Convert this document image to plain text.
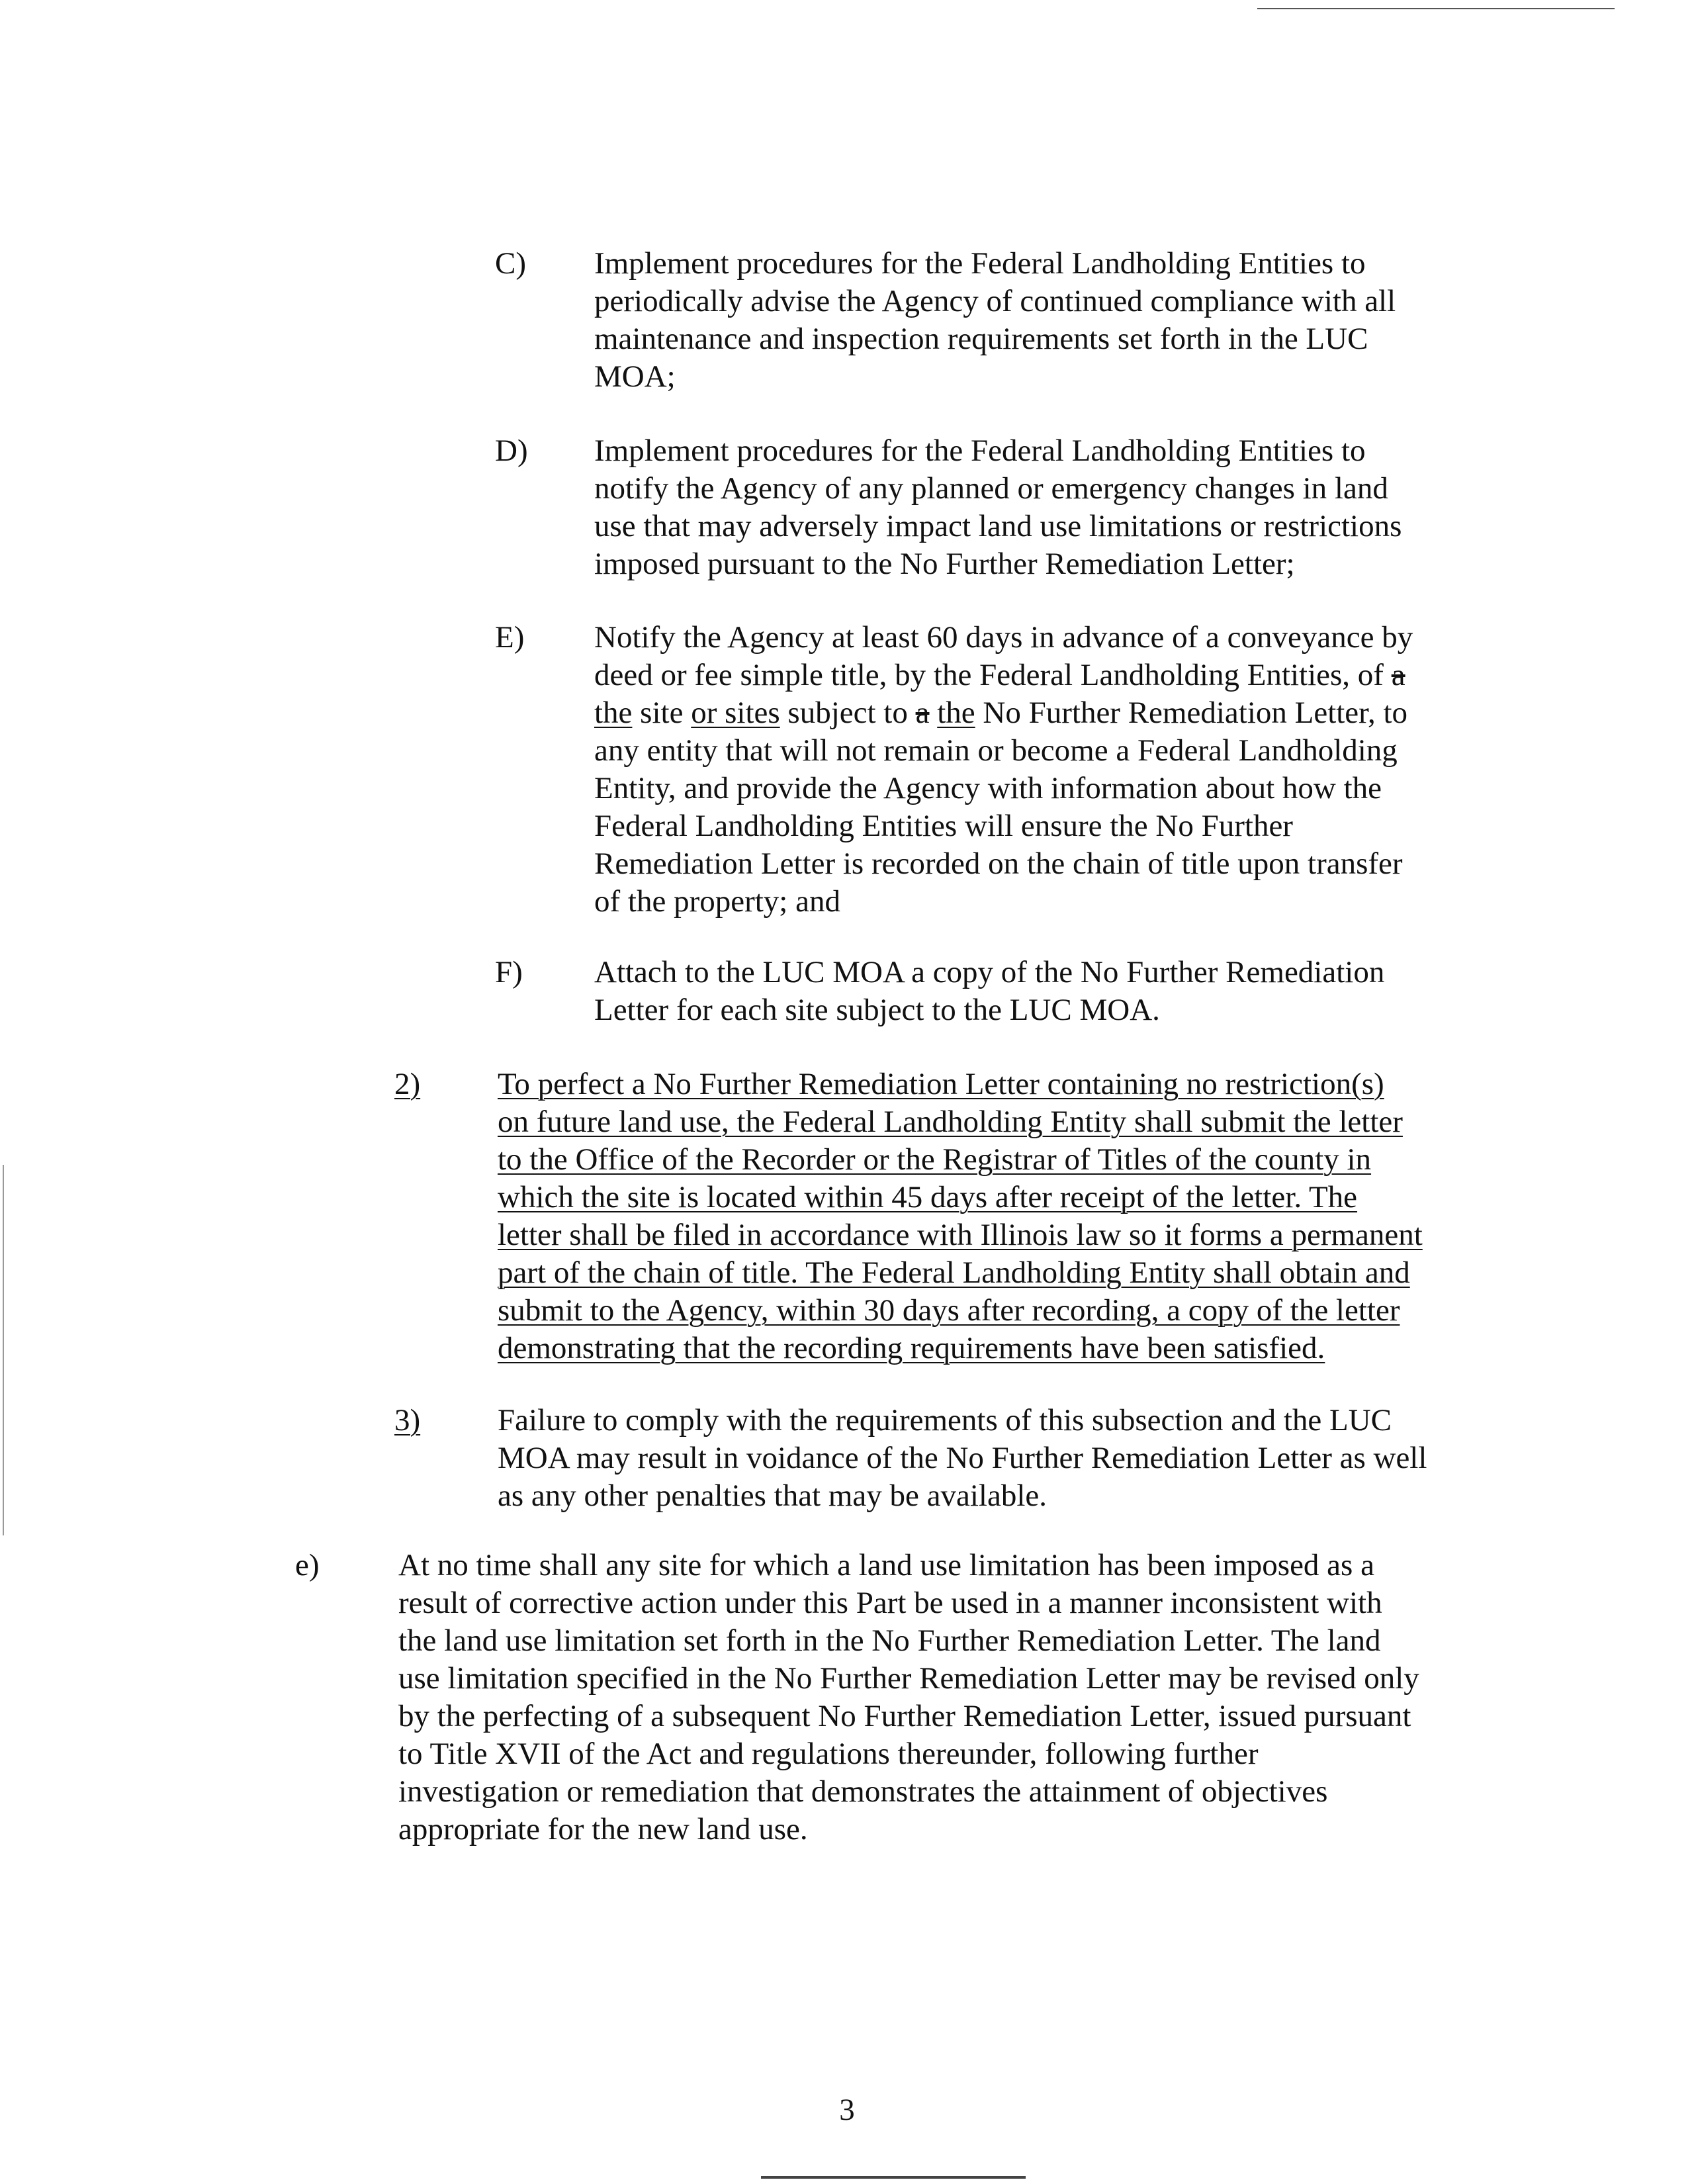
C) Implement procedures for the Federal Landholding Entities to
periodically advise the Agency of continued compliance with all
maintenance and inspection requirements set forth in the LUC
MOA;
D) Implement procedures for the Federal Landholding Entities to
notify the Agency of any planned or emergency changes in land
use that may adversely impact land use limitations or restrictions
imposed pursuant to the No Further Remediation Letter;
E) Notify the Agency at least 60 days in advance of a conveyance by
deed or fee simple title, by the Federal Landholding Entities, of a
the site or sites subject to a the No Further Remediation Letter, to
any entity that will not remain or become a Federal Landholding
Entity, and provide the Agency with information about how the
Federal Landholding Entities will ensure the No Further
Remediation Letter is recorded on the chain of title upon transfer
of the property; and
F) Attach to the LUC MOA a copy of the No Further Remediation
Letter for each site subject to the LUC MOA.
2) To perfect a No Further Remediation Letter containing no restriction(s)
on future land use, the Federal Landholding Entity shall submit the letter
to the Office of the Recorder or the Registrar of Titles of the county in
which the site is located within 45 days after receipt of the letter. The
letter shall be filed in accordance with Illinois law so it forms a permanent
part of the chain of title. The Federal Landholding Entity shall obtain and
submit to the Agency, within 30 days after recording, a copy of the letter
demonstrating that the recording requirements have been satisfied.
3) Failure to comply with the requirements of this subsection and the LUC
MOA may result in voidance of the No Further Remediation Letter as well
as any other penalties that may be available.
e)	At no time shall any site for which a land use limitation has been imposed as a
result of corrective action under this Part be used in a manner inconsistent with
the land use limitation set forth in the No Further Remediation Letter. The land
use limitation specified in the No Further Remediation Letter may be revised only
by the perfecting of a subsequent No Further Remediation Letter, issued pursuant
to Title XVII of the Act and regulations thereunder, following further
investigation or remediation that demonstrates the attainment of objectives
appropriate for the new land use.
3
